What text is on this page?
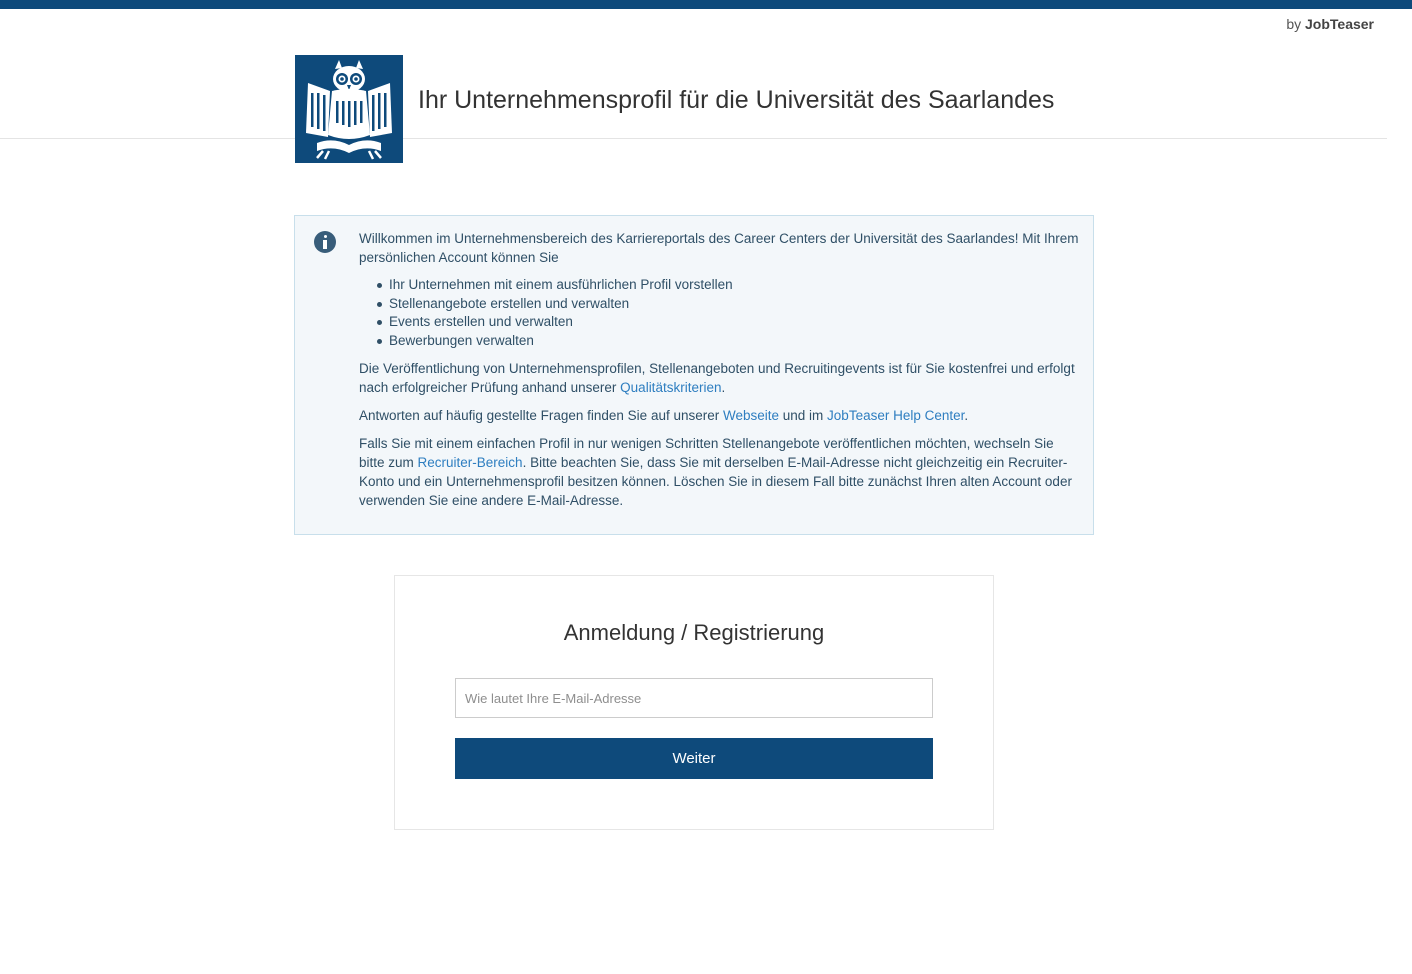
by JobTeaser
Ihr Unternehmensprofil für die Universität des Saarlandes

Willkommen im Unternehmensbereich des Karriereportals des Career Centers der Universität des Saarlandes! Mit Ihrem persönlichen Account können Sie

Ihr Unternehmen mit einem ausführlichen Profil vorstellen
Stellenangebote erstellen und verwalten
Events erstellen und verwalten
Bewerbungen verwalten

Die Veröffentlichung von Unternehmensprofilen, Stellenangeboten und Recruitingevents ist für Sie kostenfrei und erfolgt nach erfolgreicher Prüfung anhand unserer Qualitätskriterien.

Antworten auf häufig gestellte Fragen finden Sie auf unserer Webseite und im JobTeaser Help Center.

Falls Sie mit einem einfachen Profil in nur wenigen Schritten Stellenangebote veröffentlichen möchten, wechseln Sie bitte zum Recruiter-Bereich. Bitte beachten Sie, dass Sie mit derselben E-Mail-Adresse nicht gleichzeitig ein Recruiter-Konto und ein Unternehmensprofil besitzen können. Löschen Sie in diesem Fall bitte zunächst Ihren alten Account oder verwenden Sie eine andere E-Mail-Adresse.

Anmeldung / Registrierung
Wie lautet Ihre E-Mail-Adresse
Weiter
